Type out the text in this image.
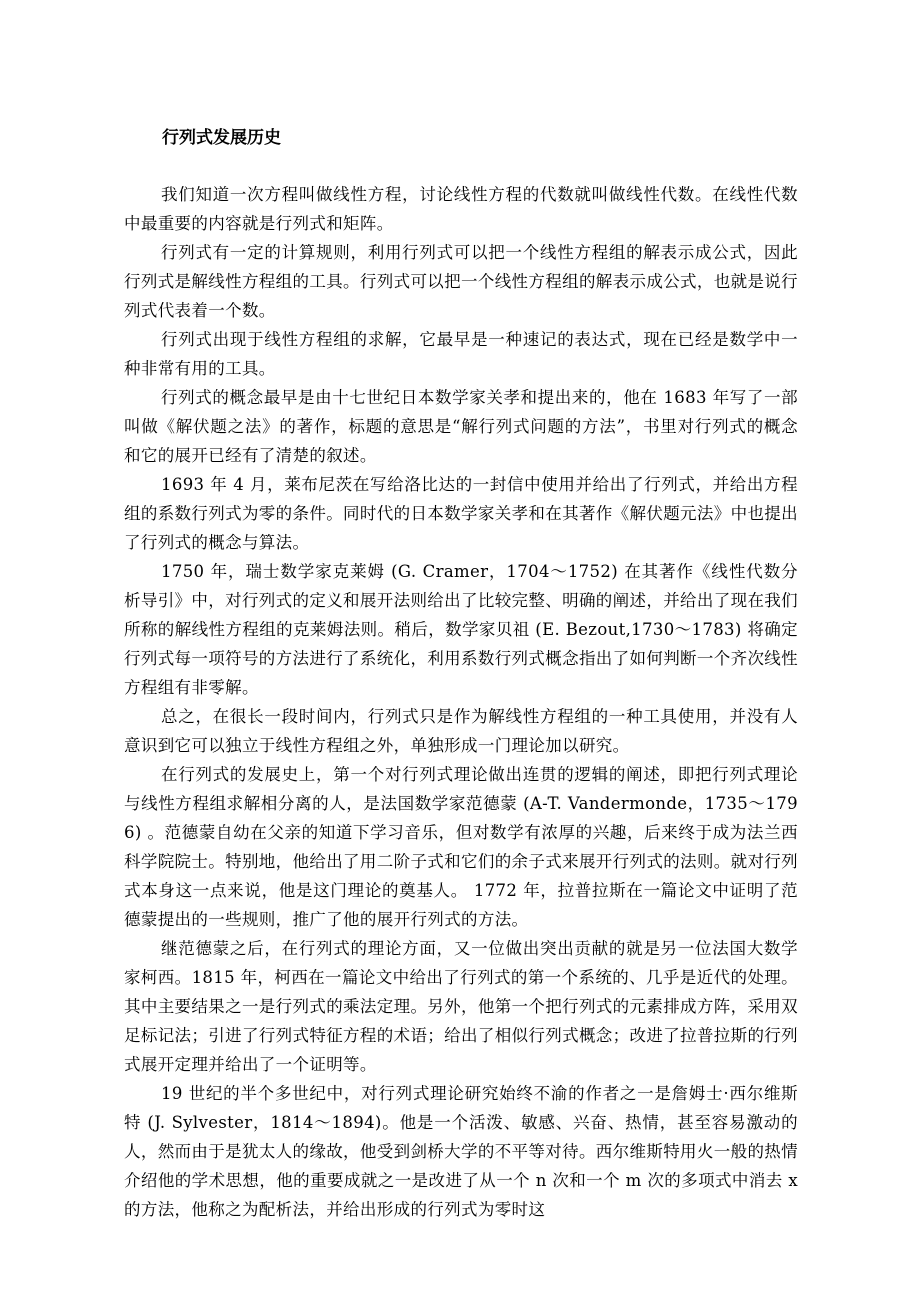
行列式发展历史

我们知道一次方程叫做线性方程，讨论线性方程的代数就叫做线性代数。在线性代数中最重要的内容就是行列式和矩阵。

行列式有一定的计算规则，利用行列式可以把一个线性方程组的解表示成公式，因此行列式是解线性方程组的工具。行列式可以把一个线性方程组的解表示成公式，也就是说行列式代表着一个数。

行列式出现于线性方程组的求解，它最早是一种速记的表达式，现在已经是数学中一种非常有用的工具。

行列式的概念最早是由十七世纪日本数学家关孝和提出来的，他在 1683 年写了一部叫做《解伏题之法》的著作，标题的意思是“解行列式问题的方法”，书里对行列式的概念和它的展开已经有了清楚的叙述。

1693 年 4 月，莱布尼茨在写给洛比达的一封信中使用并给出了行列式，并给出方程组的系数行列式为零的条件。同时代的日本数学家关孝和在其著作《解伏题元法》中也提出了行列式的概念与算法。

1750 年，瑞士数学家克莱姆 (G. Cramer，1704～1752) 在其著作《线性代数分析导引》中，对行列式的定义和展开法则给出了比较完整、明确的阐述，并给出了现在我们所称的解线性方程组的克莱姆法则。稍后，数学家贝祖 (E. Bezout,1730～1783) 将确定行列式每一项符号的方法进行了系统化，利用系数行列式概念指出了如何判断一个齐次线性方程组有非零解。

总之，在很长一段时间内，行列式只是作为解线性方程组的一种工具使用，并没有人意识到它可以独立于线性方程组之外，单独形成一门理论加以研究。

在行列式的发展史上，第一个对行列式理论做出连贯的逻辑的阐述，即把行列式理论与线性方程组求解相分离的人，是法国数学家范德蒙 (A-T. Vandermonde，1735～1796) 。范德蒙自幼在父亲的知道下学习音乐，但对数学有浓厚的兴趣，后来终于成为法兰西科学院院士。特别地，他给出了用二阶子式和它们的余子式来展开行列式的法则。就对行列式本身这一点来说，他是这门理论的奠基人。 1772 年，拉普拉斯在一篇论文中证明了范德蒙提出的一些规则，推广了他的展开行列式的方法。

继范德蒙之后，在行列式的理论方面，又一位做出突出贡献的就是另一位法国大数学家柯西。1815 年，柯西在一篇论文中给出了行列式的第一个系统的、几乎是近代的处理。其中主要结果之一是行列式的乘法定理。另外，他第一个把行列式的元素排成方阵，采用双足标记法；引进了行列式特征方程的术语；给出了相似行列式概念；改进了拉普拉斯的行列式展开定理并给出了一个证明等。

19 世纪的半个多世纪中，对行列式理论研究始终不渝的作者之一是詹姆士·西尔维斯特 (J. Sylvester，1814～1894)。他是一个活泼、敏感、兴奋、热情，甚至容易激动的人，然而由于是犹太人的缘故，他受到剑桥大学的不平等对待。西尔维斯特用火一般的热情介绍他的学术思想，他的重要成就之一是改进了从一个 n 次和一个 m 次的多项式中消去 x 的方法，他称之为配析法，并给出形成的行列式为零时这
